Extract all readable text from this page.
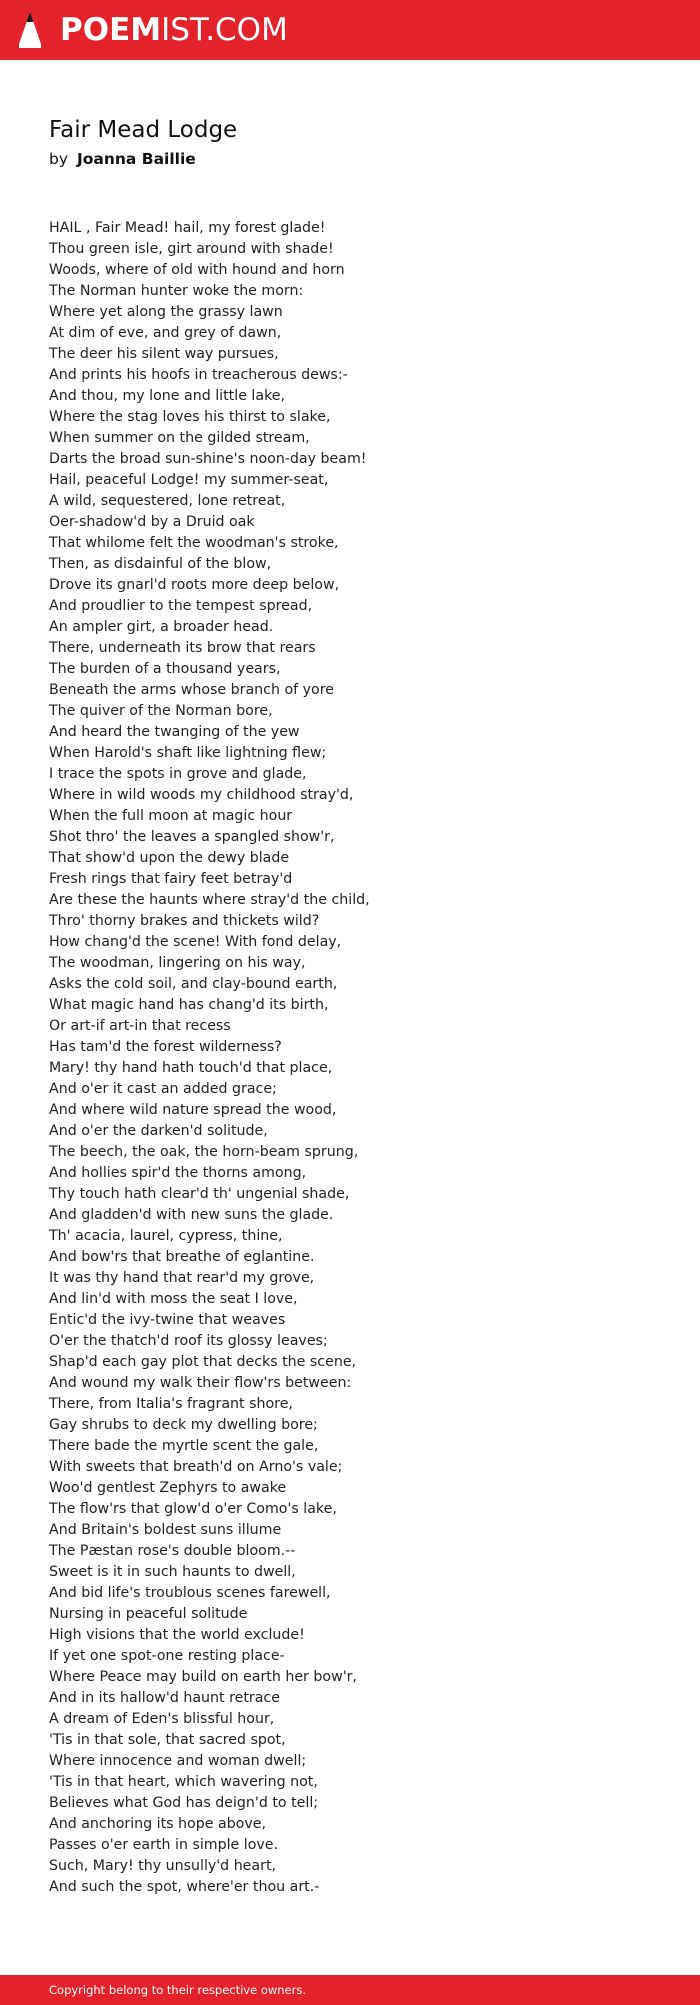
POEMIST.COM
Fair Mead Lodge
by Joanna Baillie
HAIL , Fair Mead! hail, my forest glade!
Thou green isle, girt around with shade!
Woods, where of old with hound and horn
The Norman hunter woke the morn:
Where yet along the grassy lawn
At dim of eve, and grey of dawn,
The deer his silent way pursues,
And prints his hoofs in treacherous dews:-
And thou, my lone and little lake,
Where the stag loves his thirst to slake,
When summer on the gilded stream,
Darts the broad sun-shine's noon-day beam!
Hail, peaceful Lodge! my summer-seat,
A wild, sequestered, lone retreat,
Oer-shadow'd by a Druid oak
That whilome felt the woodman's stroke,
Then, as disdainful of the blow,
Drove its gnarl'd roots more deep below,
And proudlier to the tempest spread,
An ampler girt, a broader head.
There, underneath its brow that rears
The burden of a thousand years,
Beneath the arms whose branch of yore
The quiver of the Norman bore,
And heard the twanging of the yew
When Harold's shaft like lightning flew;
I trace the spots in grove and glade,
Where in wild woods my childhood stray'd,
When the full moon at magic hour
Shot thro' the leaves a spangled show'r,
That show'd upon the dewy blade
Fresh rings that fairy feet betray'd
Are these the haunts where stray'd the child,
Thro' thorny brakes and thickets wild?
How chang'd the scene! With fond delay,
The woodman, lingering on his way,
Asks the cold soil, and clay-bound earth,
What magic hand has chang'd its birth,
Or art-if art-in that recess
Has tam'd the forest wilderness?
Mary! thy hand hath touch'd that place,
And o'er it cast an added grace;
And where wild nature spread the wood,
And o'er the darken'd solitude,
The beech, the oak, the horn-beam sprung,
And hollies spir'd the thorns among,
Thy touch hath clear'd th' ungenial shade,
And gladden'd with new suns the glade.
Th' acacia, laurel, cypress, thine,
And bow'rs that breathe of eglantine.
It was thy hand that rear'd my grove,
And lin'd with moss the seat I love,
Entic'd the ivy-twine that weaves
O'er the thatch'd roof its glossy leaves;
Shap'd each gay plot that decks the scene,
And wound my walk their flow'rs between:
There, from Italia's fragrant shore,
Gay shrubs to deck my dwelling bore;
There bade the myrtle scent the gale,
With sweets that breath'd on Arno's vale;
Woo'd gentlest Zephyrs to awake
The flow'rs that glow'd o'er Como's lake,
And Britain's boldest suns illume
The Pæstan rose's double bloom.--
Sweet is it in such haunts to dwell,
And bid life's troublous scenes farewell,
Nursing in peaceful solitude
High visions that the world exclude!
If yet one spot-one resting place-
Where Peace may build on earth her bow'r,
And in its hallow'd haunt retrace
A dream of Eden's blissful hour,
'Tis in that sole, that sacred spot,
Where innocence and woman dwell;
'Tis in that heart, which wavering not,
Believes what God has deign'd to tell;
And anchoring its hope above,
Passes o'er earth in simple love.
Such, Mary! thy unsully'd heart,
And such the spot, where'er thou art.-
Copyright belong to their respective owners.
